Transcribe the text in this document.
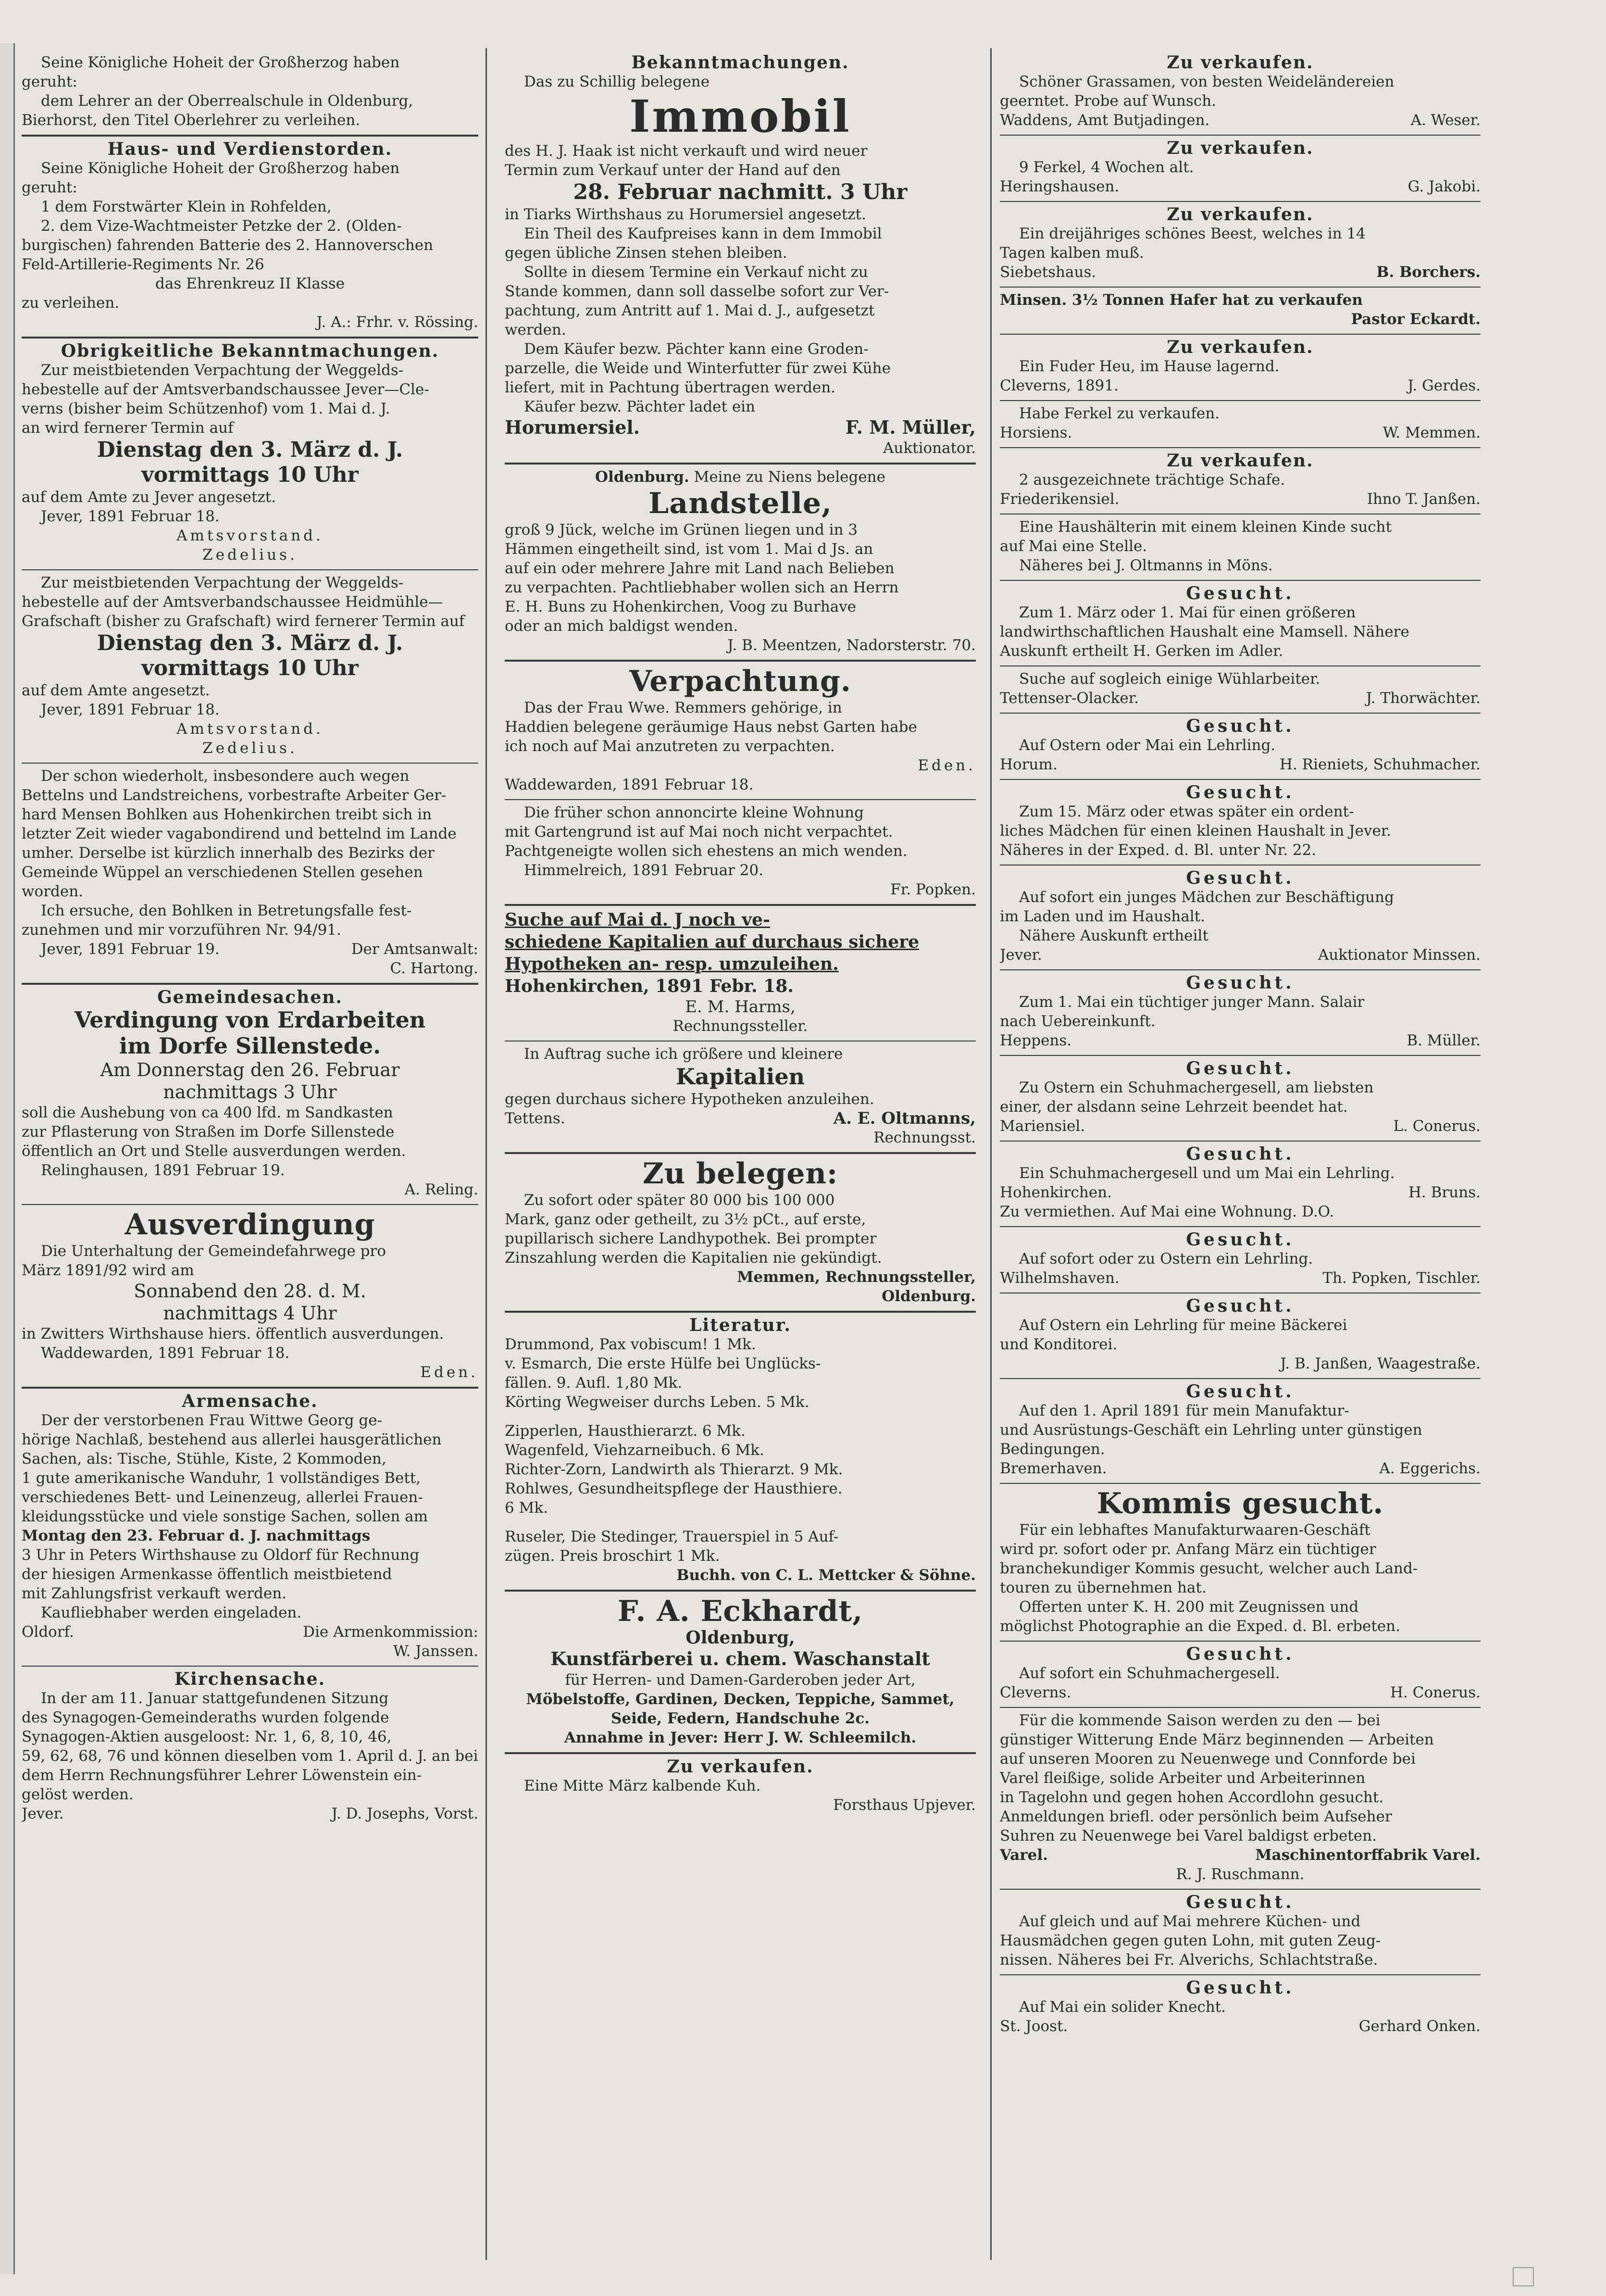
Seine Königliche Hoheit der Großherzog haben
geruht:
dem Lehrer an der Oberrealschule in Oldenburg,
Bierhorst, den Titel Oberlehrer zu verleihen.
Haus- und Verdienstorden.
Seine Königliche Hoheit der Großherzog haben
geruht:
1 dem Forstwärter Klein in Rohfelden,
2. dem Vize-Wachtmeister Petzke der 2. (Olden-
burgischen) fahrenden Batterie des 2. Hannoverschen
Feld-Artillerie-Regiments Nr. 26
das Ehrenkreuz II Klasse
zu verleihen.
J. A.: Frhr. v. Rössing.
Obrigkeitliche Bekanntmachungen.
Zur meistbietenden Verpachtung der Weggelds-
hebestelle auf der Amtsverbandschaussee Jever—Cle-
verns (bisher beim Schützenhof) vom 1. Mai d. J.
an wird fernerer Termin auf
Dienstag den 3. März d. J.
vormittags 10 Uhr
auf dem Amte zu Jever angesetzt.
Jever, 1891 Februar 18.
Amtsvorstand.
Zedelius.
Zur meistbietenden Verpachtung der Weggelds-
hebestelle auf der Amtsverbandschaussee Heidmühle—
Grafschaft (bisher zu Grafschaft) wird fernerer Termin auf
Dienstag den 3. März d. J.
vormittags 10 Uhr
auf dem Amte angesetzt.
Jever, 1891 Februar 18.
Amtsvorstand.
Zedelius.
Der schon wiederholt, insbesondere auch wegen
Bettelns und Landstreichens, vorbestrafte Arbeiter Ger-
hard Mensen Bohlken aus Hohenkirchen treibt sich in
letzter Zeit wieder vagabondirend und bettelnd im Lande
umher. Derselbe ist kürzlich innerhalb des Bezirks der
Gemeinde Wüppel an verschiedenen Stellen gesehen
worden.
Ich ersuche, den Bohlken in Betretungsfalle fest-
zunehmen und mir vorzuführen Nr. 94/91.
Jever, 1891 Februar 19.	Der Amtsanwalt:
C. Hartong.
Gemeindesachen.
Verdingung von Erdarbeiten
im Dorfe Sillenstede.
Am Donnerstag den 26. Februar
nachmittags 3 Uhr
soll die Aushebung von ca 400 lfd. m Sandkasten
zur Pflasterung von Straßen im Dorfe Sillenstede
öffentlich an Ort und Stelle ausverdungen werden.
Relinghausen, 1891 Februar 19.
A. Reling.
Ausverdingung
Die Unterhaltung der Gemeindefahrwege pro
März 1891/92 wird am
Sonnabend den 28. d. M.
nachmittags 4 Uhr
in Zwitters Wirthshause hiers. öffentlich ausverdungen.
Waddewarden, 1891 Februar 18.
Eden.
Armensache.
Der der verstorbenen Frau Wittwe Georg ge-
hörige Nachlaß, bestehend aus allerlei hausgerätlichen
Sachen, als: Tische, Stühle, Kiste, 2 Kommoden,
1 gute amerikanische Wanduhr, 1 vollständiges Bett,
verschiedenes Bett- und Leinenzeug, allerlei Frauen-
kleidungsstücke und viele sonstige Sachen, sollen am
Montag den 23. Februar d. J. nachmittags
3 Uhr in Peters Wirthshause zu Oldorf für Rechnung
der hiesigen Armenkasse öffentlich meistbietend
mit Zahlungsfrist verkauft werden.
Kaufliebhaber werden eingeladen.
Oldorf.	Die Armenkommission:
W. Janssen.
Kirchensache.
In der am 11. Januar stattgefundenen Sitzung
des Synagogen-Gemeinderaths wurden folgende
Synagogen-Aktien ausgeloost: Nr. 1, 6, 8, 10, 46,
59, 62, 68, 76 und können dieselben vom 1. April d. J. an bei
dem Herrn Rechnungsführer Lehrer Löwenstein ein-
gelöst werden.
Jever.	J. D. Josephs, Vorst.
Bekanntmachungen.
Das zu Schillig belegene
Immobil
des H. J. Haak ist nicht verkauft und wird neuer
Termin zum Verkauf unter der Hand auf den
28. Februar nachmitt. 3 Uhr
in Tiarks Wirthshaus zu Horumersiel angesetzt.
Ein Theil des Kaufpreises kann in dem Immobil
gegen übliche Zinsen stehen bleiben.
Sollte in diesem Termine ein Verkauf nicht zu
Stande kommen, dann soll dasselbe sofort zur Ver-
pachtung, zum Antritt auf 1. Mai d. J., aufgesetzt
werden.
Dem Käufer bezw. Pächter kann eine Groden-
parzelle, die Weide und Winterfutter für zwei Kühe
liefert, mit in Pachtung übertragen werden.
Käufer bezw. Pächter ladet ein
Horumersiel.	F. M. Müller,
Auktionator.
Oldenburg. Meine zu Niens belegene
Landstelle,
groß 9 Jück, welche im Grünen liegen und in 3
Hämmen eingetheilt sind, ist vom 1. Mai d Js. an
auf ein oder mehrere Jahre mit Land nach Belieben
zu verpachten. Pachtliebhaber wollen sich an Herrn
E. H. Buns zu Hohenkirchen, Voog zu Burhave
oder an mich baldigst wenden.
J. B. Meentzen, Nadorsterstr. 70.
Verpachtung.
Das der Frau Wwe. Remmers gehörige, in
Haddien belegene geräumige Haus nebst Garten habe
ich noch auf Mai anzutreten zu verpachten.
Eden.
Waddewarden, 1891 Februar 18.
Die früher schon annoncirte kleine Wohnung
mit Gartengrund ist auf Mai noch nicht verpachtet.
Pachtgeneigte wollen sich ehestens an mich wenden.
Himmelreich, 1891 Februar 20.
Fr. Popken.
Suche auf Mai d. J noch ve-
schiedene Kapitalien auf durchaus sichere
Hypotheken an- resp. umzuleihen.
Hohenkirchen, 1891 Febr. 18.
E. M. Harms,
Rechnungssteller.
In Auftrag suche ich größere und kleinere
Kapitalien
gegen durchaus sichere Hypotheken anzuleihen.
Tettens.	A. E. Oltmanns,
Rechnungsst.
Zu belegen:
Zu sofort oder später 80 000 bis 100 000
Mark, ganz oder getheilt, zu 3½ pCt., auf erste,
pupillarisch sichere Landhypothek. Bei prompter
Zinszahlung werden die Kapitalien nie gekündigt.
Memmen, Rechnungssteller,
Oldenburg.
Literatur.
Drummond, Pax vobiscum! 1 Mk.
v. Esmarch, Die erste Hülfe bei Unglücks-
fällen. 9. Aufl. 1,80 Mk.
Körting Wegweiser durchs Leben. 5 Mk.
Zipperlen, Hausthierarzt. 6 Mk.
Wagenfeld, Viehzarneibuch. 6 Mk.
Richter-Zorn, Landwirth als Thierarzt. 9 Mk.
Rohlwes, Gesundheitspflege der Hausthiere.
6 Mk.
Ruseler, Die Stedinger, Trauerspiel in 5 Auf-
zügen. Preis broschirt 1 Mk.
Buchh. von C. L. Mettcker & Söhne.
F. A. Eckhardt,
Oldenburg,
Kunstfärberei u. chem. Waschanstalt
für Herren- und Damen-Garderoben jeder Art,
Möbelstoffe, Gardinen, Decken, Teppiche, Sammet,
Seide, Federn, Handschuhe 2c.
Annahme in Jever: Herr J. W. Schleemilch.
Zu verkaufen.
Eine Mitte März kalbende Kuh.
Forsthaus Upjever.
Zu verkaufen.
Schöner Grassamen, von besten Weideländereien
geerntet. Probe auf Wunsch.
Waddens, Amt Butjadingen.	A. Weser.
Zu verkaufen.
9 Ferkel, 4 Wochen alt.
Heringshausen.	G. Jakobi.
Zu verkaufen.
Ein dreijähriges schönes Beest, welches in 14
Tagen kalben muß.
Siebetshaus.	B. Borchers.
Minsen. 3½ Tonnen Hafer hat zu verkaufen
Pastor Eckardt.
Zu verkaufen.
Ein Fuder Heu, im Hause lagernd.
Cleverns, 1891.	J. Gerdes.
Habe Ferkel zu verkaufen.
Horsiens.	W. Memmen.
Zu verkaufen.
2 ausgezeichnete trächtige Schafe.
Friederikensiel.	Ihno T. Janßen.
Eine Haushälterin mit einem kleinen Kinde sucht
auf Mai eine Stelle.
Näheres bei J. Oltmanns in Möns.
Gesucht.
Zum 1. März oder 1. Mai für einen größeren
landwirthschaftlichen Haushalt eine Mamsell. Nähere
Auskunft ertheilt H. Gerken im Adler.
Suche auf sogleich einige Wühlarbeiter.
Tettenser-Olacker.	J. Thorwächter.
Gesucht.
Auf Ostern oder Mai ein Lehrling.
Horum.	H. Rieniets, Schuhmacher.
Gesucht.
Zum 15. März oder etwas später ein ordent-
liches Mädchen für einen kleinen Haushalt in Jever.
Näheres in der Exped. d. Bl. unter Nr. 22.
Gesucht.
Auf sofort ein junges Mädchen zur Beschäftigung
im Laden und im Haushalt.
Nähere Auskunft ertheilt
Jever.	Auktionator Minssen.
Gesucht.
Zum 1. Mai ein tüchtiger junger Mann. Salair
nach Uebereinkunft.
Heppens.	B. Müller.
Gesucht.
Zu Ostern ein Schuhmachergesell, am liebsten
einer, der alsdann seine Lehrzeit beendet hat.
Mariensiel.	L. Conerus.
Gesucht.
Ein Schuhmachergesell und um Mai ein Lehrling.
Hohenkirchen.	H. Bruns.
Zu vermiethen. Auf Mai eine Wohnung. D.O.
Gesucht.
Auf sofort oder zu Ostern ein Lehrling.
Wilhelmshaven.	Th. Popken, Tischler.
Gesucht.
Auf Ostern ein Lehrling für meine Bäckerei
und Konditorei.
J. B. Janßen, Waagestraße.
Gesucht.
Auf den 1. April 1891 für mein Manufaktur-
und Ausrüstungs-Geschäft ein Lehrling unter günstigen
Bedingungen.
Bremerhaven.	A. Eggerichs.
Kommis gesucht.
Für ein lebhaftes Manufakturwaaren-Geschäft
wird pr. sofort oder pr. Anfang März ein tüchtiger
branchekundiger Kommis gesucht, welcher auch Land-
touren zu übernehmen hat.
Offerten unter K. H. 200 mit Zeugnissen und
möglichst Photographie an die Exped. d. Bl. erbeten.
Gesucht.
Auf sofort ein Schuhmachergesell.
Cleverns.	H. Conerus.
Für die kommende Saison werden zu den — bei
günstiger Witterung Ende März beginnenden — Arbeiten
auf unseren Mooren zu Neuenwege und Connforde bei
Varel fleißige, solide Arbeiter und Arbeiterinnen
in Tagelohn und gegen hohen Accordlohn gesucht.
Anmeldungen briefl. oder persönlich beim Aufseher
Suhren zu Neuenwege bei Varel baldigst erbeten.
Varel.	Maschinentorffabrik Varel.
R. J. Ruschmann.
Gesucht.
Auf gleich und auf Mai mehrere Küchen- und
Hausmädchen gegen guten Lohn, mit guten Zeug-
nissen. Näheres bei Fr. Alverichs, Schlachtstraße.
Gesucht.
Auf Mai ein solider Knecht.
St. Joost.	Gerhard Onken.
